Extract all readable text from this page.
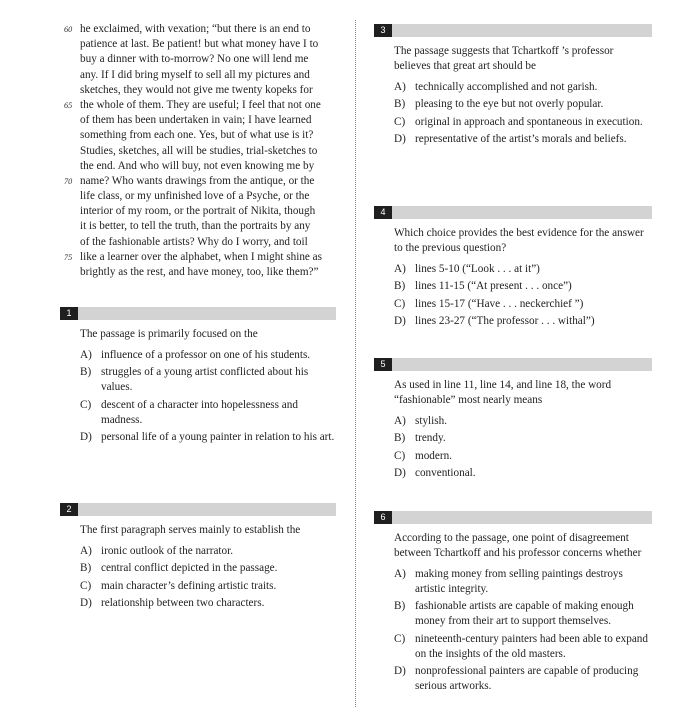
60 he exclaimed, with vexation; “but there is an end to
patience at last. Be patient! but what money have I to
buy a dinner with to-morrow? No one will lend me
any. If I did bring myself to sell all my pictures and
sketches, they would not give me twenty kopeks for
65 the whole of them. They are useful; I feel that not one
of them has been undertaken in vain; I have learned
something from each one. Yes, but of what use is it?
Studies, sketches, all will be studies, trial-sketches to
the end. And who will buy, not even knowing me by
70 name? Who wants drawings from the antique, or the
life class, or my unfinished love of a Psyche, or the
interior of my room, or the portrait of Nikita, though
it is better, to tell the truth, than the portraits by any
of the fashionable artists? Why do I worry, and toil
75 like a learner over the alphabet, when I might shine as
brightly as the rest, and have money, too, like them?”
1
The passage is primarily focused on the
A) influence of a professor on one of his students.
B) struggles of a young artist conflicted about his values.
C) descent of a character into hopelessness and madness.
D) personal life of a young painter in relation to his art.
2
The first paragraph serves mainly to establish the
A) ironic outlook of the narrator.
B) central conflict depicted in the passage.
C) main character’s defining artistic traits.
D) relationship between two characters.
3
The passage suggests that Tchartkoff ’s professor believes that great art should be
A) technically accomplished and not garish.
B) pleasing to the eye but not overly popular.
C) original in approach and spontaneous in execution.
D) representative of the artist’s morals and beliefs.
4
Which choice provides the best evidence for the answer to the previous question?
A) lines 5-10 (“Look . . . at it”)
B) lines 11-15 (“At present . . . once”)
C) lines 15-17 (“Have . . . neckerchief ”)
D) lines 23-27 (“The professor . . . withal”)
5
As used in line 11, line 14, and line 18, the word “fashionable” most nearly means
A) stylish.
B) trendy.
C) modern.
D) conventional.
6
According to the passage, one point of disagreement between Tchartkoff and his professor concerns whether
A) making money from selling paintings destroys artistic integrity.
B) fashionable artists are capable of making enough money from their art to support themselves.
C) nineteenth-century painters had been able to expand on the insights of the old masters.
D) nonprofessional painters are capable of producing serious artworks.
